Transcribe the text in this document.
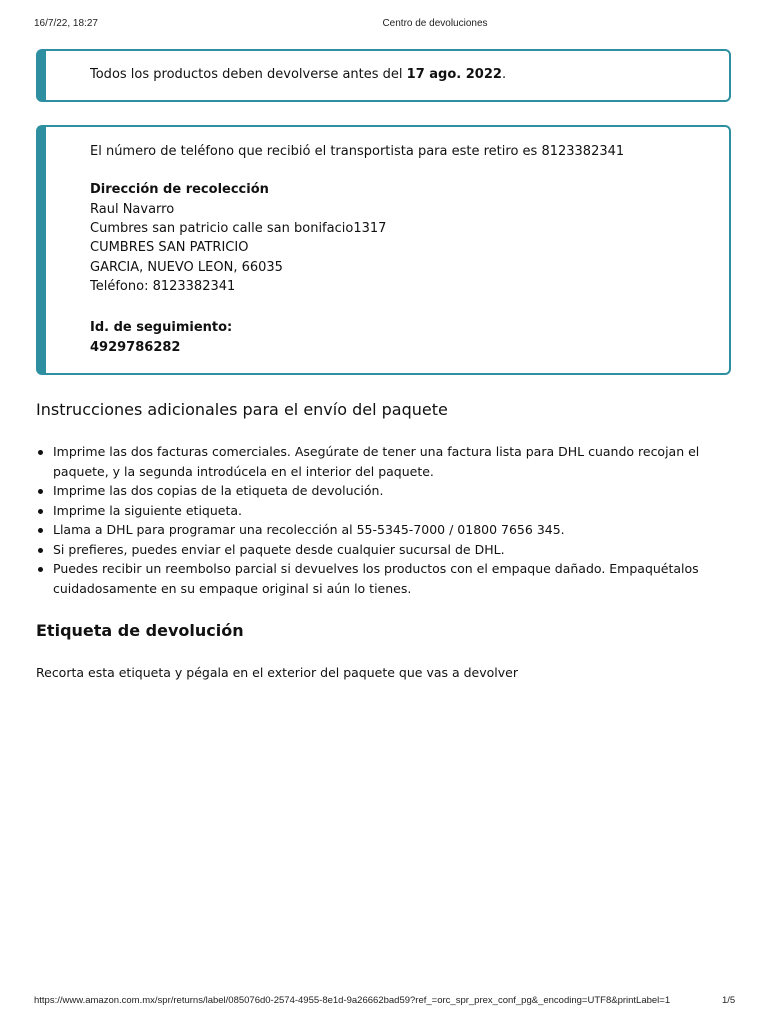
16/7/22, 18:27	Centro de devoluciones
Todos los productos deben devolverse antes del 17 ago. 2022.
El número de teléfono que recibió el transportista para este retiro es 8123382341
Dirección de recolección
Raul Navarro
Cumbres san patricio calle san bonifacio1317
CUMBRES SAN PATRICIO
GARCIA, NUEVO LEON, 66035
Teléfono: 8123382341
Id. de seguimiento:
4929786282
Instrucciones adicionales para el envío del paquete
Imprime las dos facturas comerciales. Asegúrate de tener una factura lista para DHL cuando recojan el paquete, y la segunda introdúcela en el interior del paquete.
Imprime las dos copias de la etiqueta de devolución.
Imprime la siguiente etiqueta.
Llama a DHL para programar una recolección al 55-5345-7000 / 01800 7656 345.
Si prefieres, puedes enviar el paquete desde cualquier sucursal de DHL.
Puedes recibir un reembolso parcial si devuelves los productos con el empaque dañado. Empaquétalos cuidadosamente en su empaque original si aún lo tienes.
Etiqueta de devolución
Recorta esta etiqueta y pégala en el exterior del paquete que vas a devolver
https://www.amazon.com.mx/spr/returns/label/085076d0-2574-4955-8e1d-9a26662bad59?ref_=orc_spr_prex_conf_pg&_encoding=UTF8&printLabel=1	1/5
